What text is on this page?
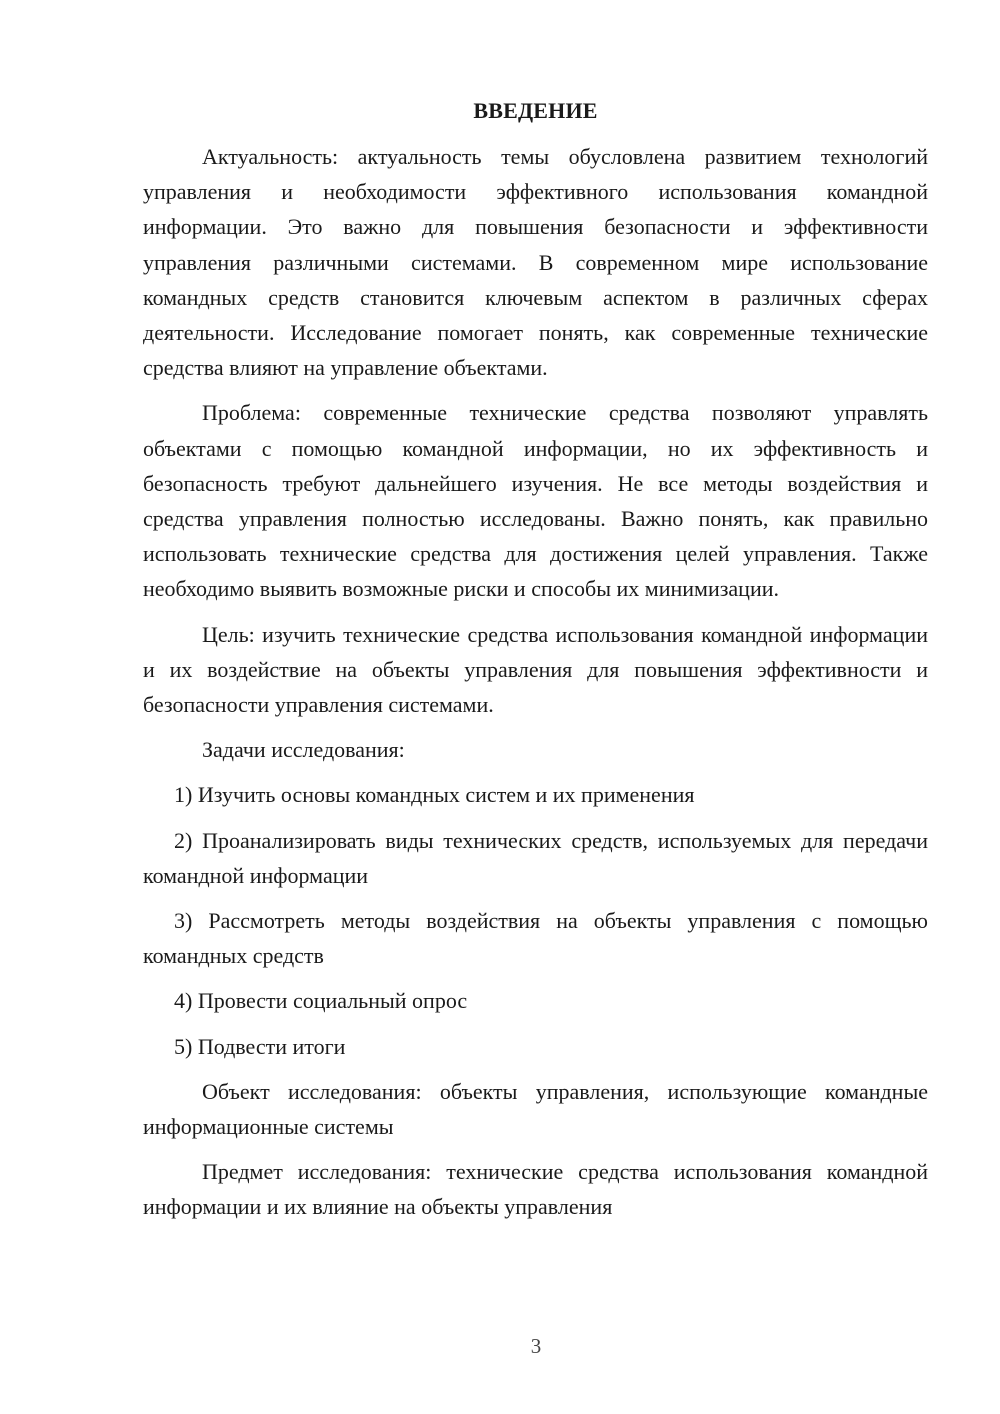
ВВЕДЕНИЕ

Актуальность: актуальность темы обусловлена развитием технологий управления и необходимости эффективного использования командной информации. Это важно для повышения безопасности и эффективности управления различными системами. В современном мире использование командных средств становится ключевым аспектом в различных сферах деятельности. Исследование помогает понять, как современные технические средства влияют на управление объектами.

Проблема: современные технические средства позволяют управлять объектами с помощью командной информации, но их эффективность и безопасность требуют дальнейшего изучения. Не все методы воздействия и средства управления полностью исследованы. Важно понять, как правильно использовать технические средства для достижения целей управления. Также необходимо выявить возможные риски и способы их минимизации.

Цель: изучить технические средства использования командной информации и их воздействие на объекты управления для повышения эффективности и безопасности управления системами.

Задачи исследования:

1) Изучить основы командных систем и их применения

2) Проанализировать виды технических средств, используемых для передачи командной информации

3) Рассмотреть методы воздействия на объекты управления с помощью командных средств

4) Провести социальный опрос

5) Подвести итоги

Объект исследования: объекты управления, использующие командные информационные системы

Предмет исследования: технические средства использования командной информации и их влияние на объекты управления

3
